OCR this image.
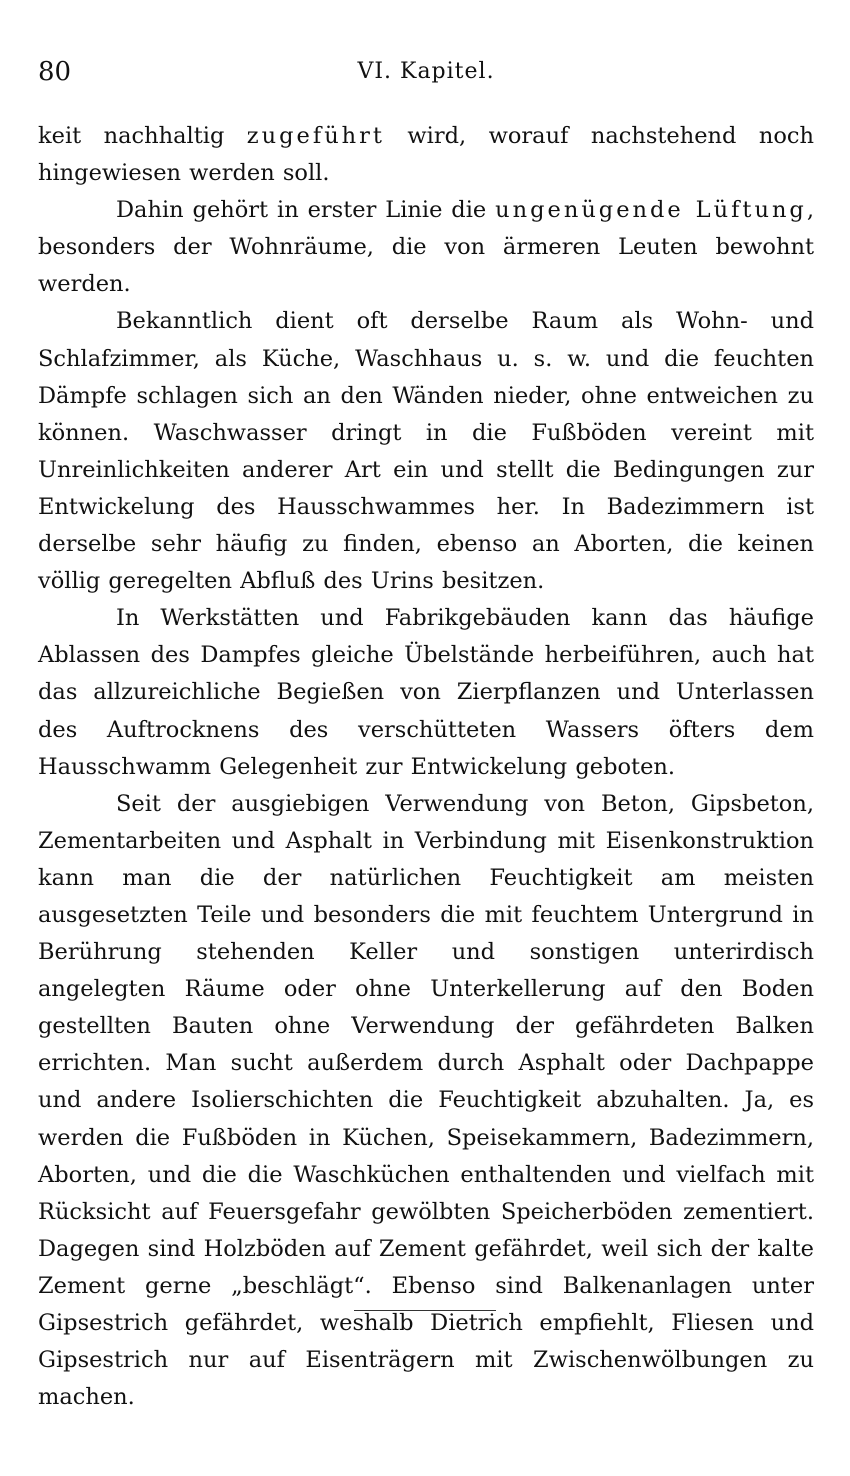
80	VI. Kapitel.

keit nachhaltig zugeführt wird, worauf nachstehend noch hingewiesen werden soll.

Dahin gehört in erster Linie die ungenügende Lüftung, besonders der Wohnräume, die von ärmeren Leuten bewohnt werden.

Bekanntlich dient oft derselbe Raum als Wohn- und Schlafzimmer, als Küche, Waschhaus u. s. w. und die feuchten Dämpfe schlagen sich an den Wänden nieder, ohne entweichen zu können. Waschwasser dringt in die Fußböden vereint mit Unreinlichkeiten anderer Art ein und stellt die Bedingungen zur Entwickelung des Hausschwammes her. In Badezimmern ist derselbe sehr häufig zu finden, ebenso an Aborten, die keinen völlig geregelten Abfluß des Urins besitzen.

In Werkstätten und Fabrikgebäuden kann das häufige Ablassen des Dampfes gleiche Übelstände herbeiführen, auch hat das allzureichliche Begießen von Zierpflanzen und Unterlassen des Auftrocknens des verschütteten Wassers öfters dem Hausschwamm Gelegenheit zur Entwickelung geboten.

Seit der ausgiebigen Verwendung von Beton, Gipsbeton, Zementarbeiten und Asphalt in Verbindung mit Eisenkonstruktion kann man die der natürlichen Feuchtigkeit am meisten ausgesetzten Teile und besonders die mit feuchtem Untergrund in Berührung stehenden Keller und sonstigen unterirdisch angelegten Räume oder ohne Unterkellerung auf den Boden gestellten Bauten ohne Verwendung der gefährdeten Balken errichten. Man sucht außerdem durch Asphalt oder Dachpappe und andere Isolierschichten die Feuchtigkeit abzuhalten. Ja, es werden die Fußböden in Küchen, Speisekammern, Badezimmern, Aborten, und die die Waschküchen enthaltenden und vielfach mit Rücksicht auf Feuersgefahr gewölbten Speicherböden zementiert. Dagegen sind Holzböden auf Zement gefährdet, weil sich der kalte Zement gerne „beschlägt“. Ebenso sind Balkenanlagen unter Gipsestrich gefährdet, weshalb Dietrich empfiehlt, Fliesen und Gipsestrich nur auf Eisenträgern mit Zwischenwölbungen zu machen.
